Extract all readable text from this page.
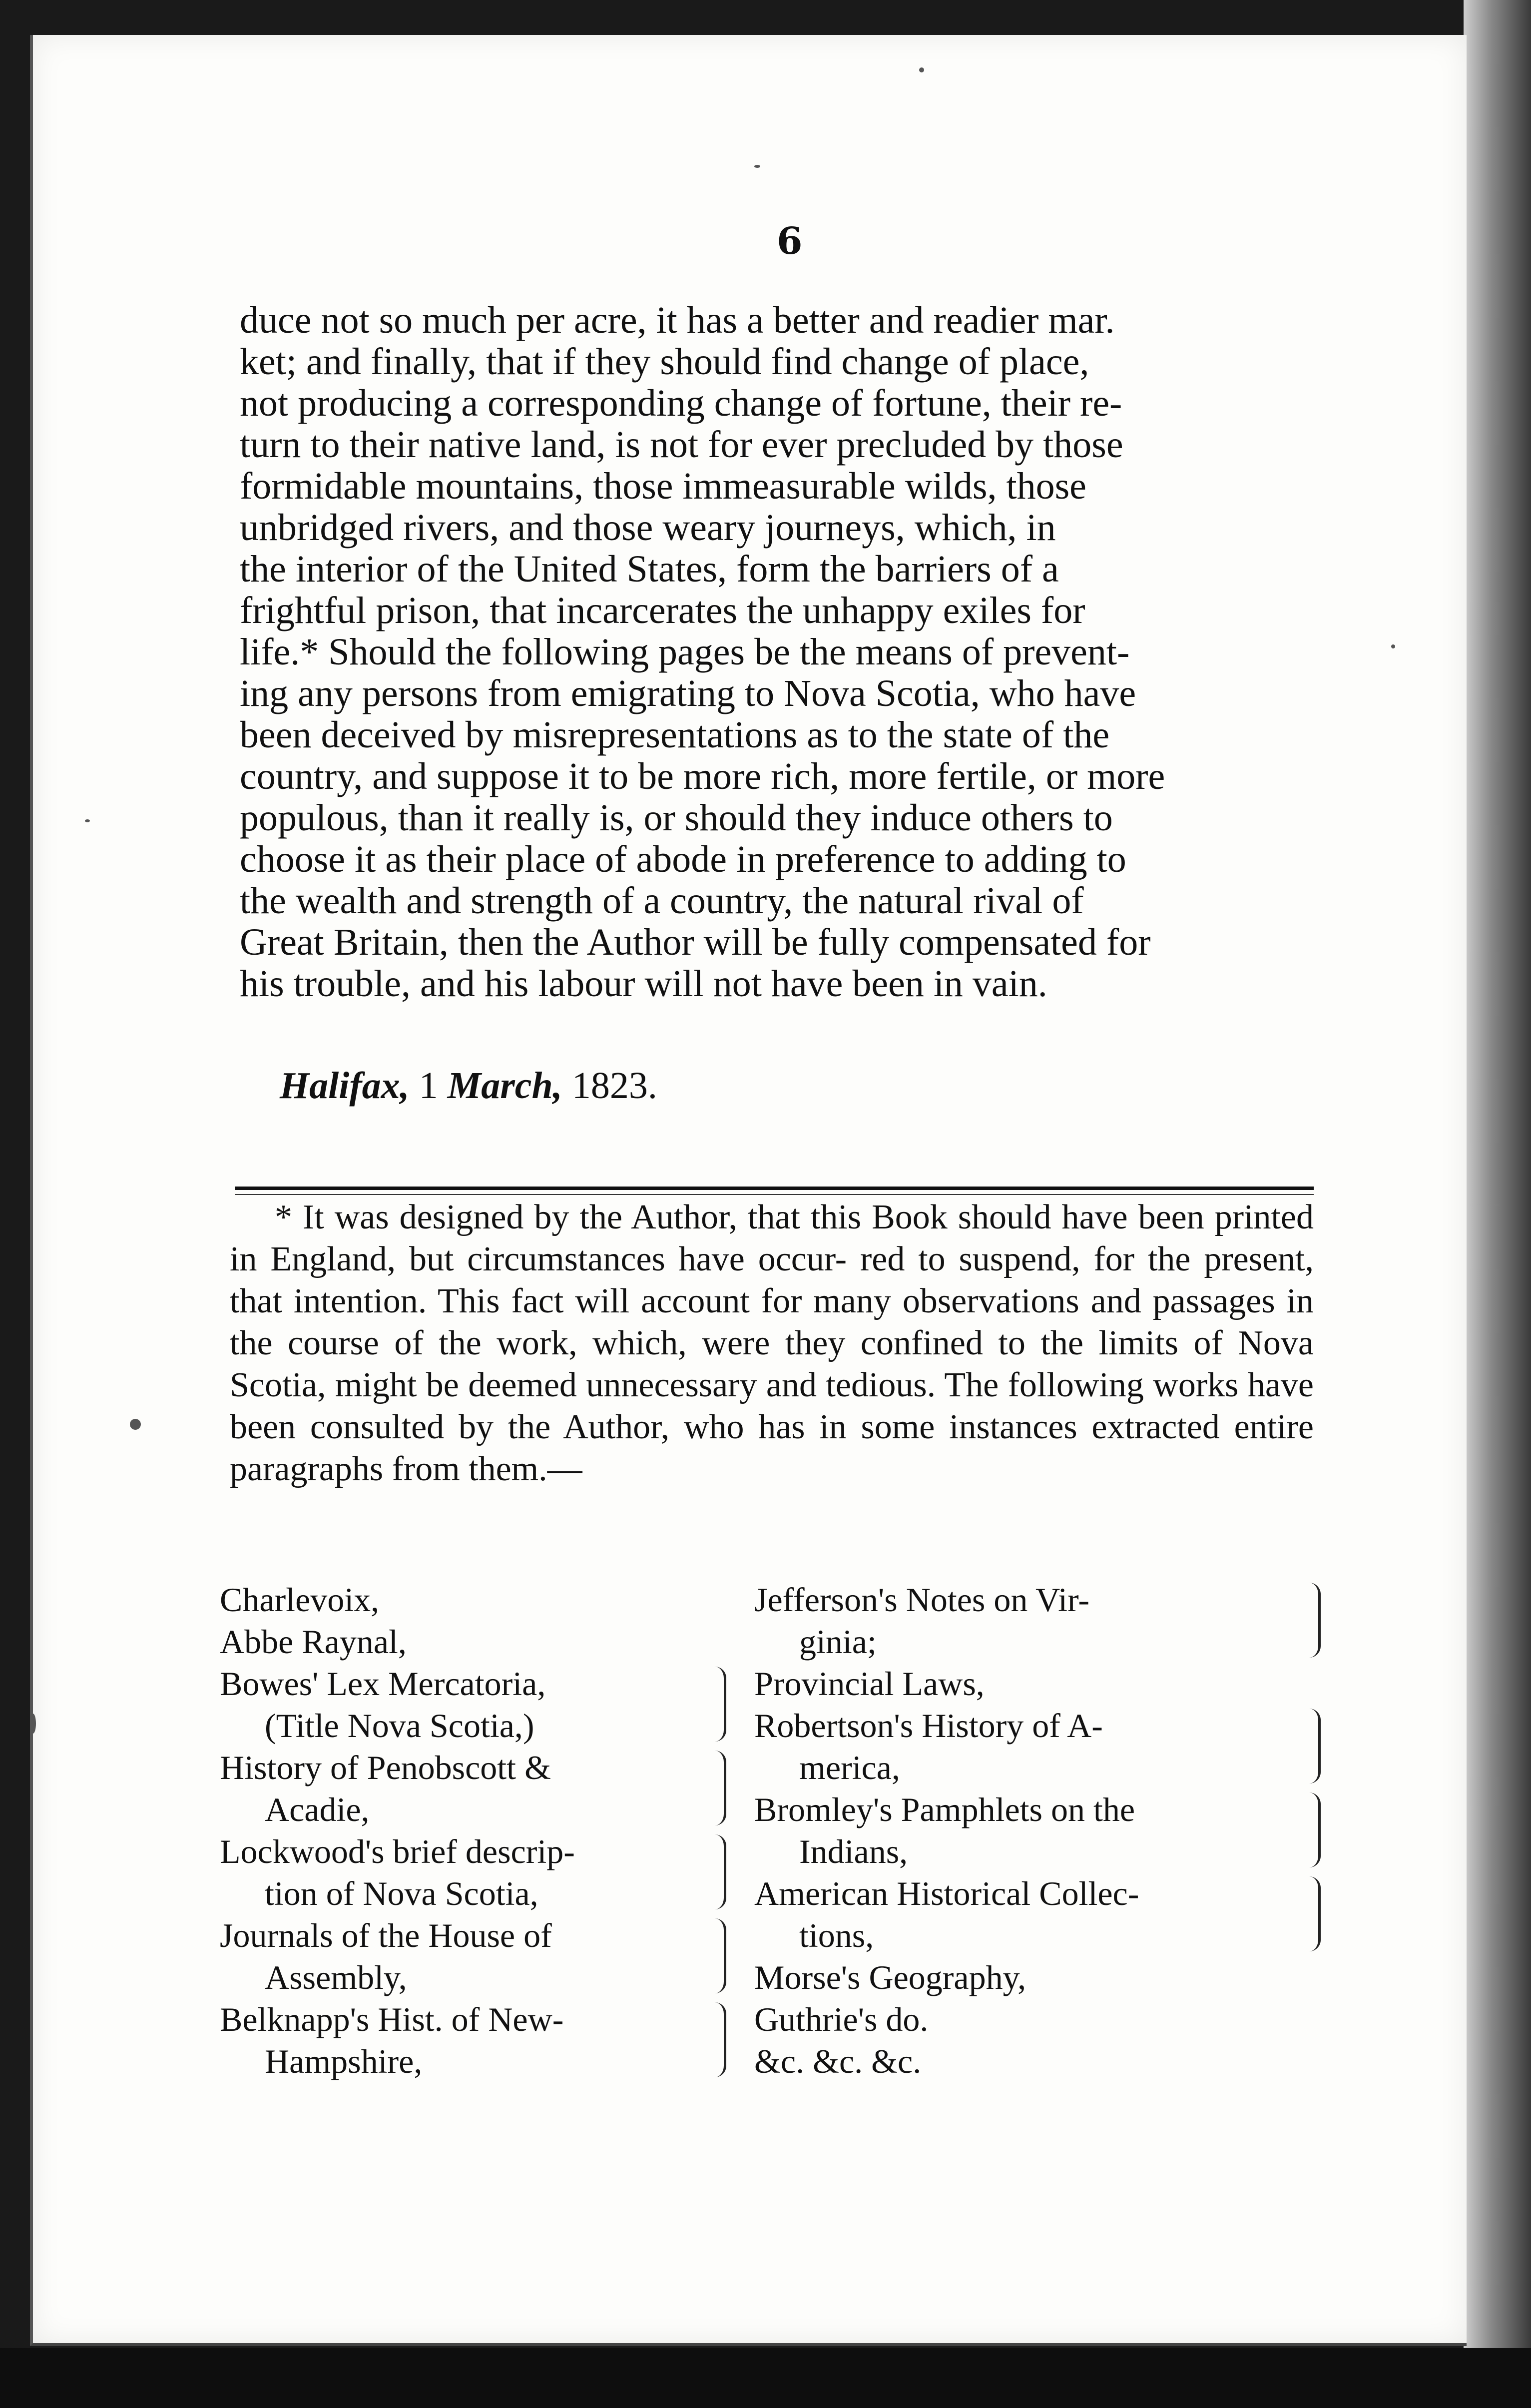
6
duce not so much per acre, it has a better and readier mar.
ket; and finally, that if they should find change of place,
not producing a corresponding change of fortune, their re-
turn to their native land, is not for ever precluded by those
formidable mountains, those immeasurable wilds, those
unbridged rivers, and those weary journeys, which, in
the interior of the United States, form the barriers of a
frightful prison, that incarcerates the unhappy exiles for
life.* Should the following pages be the means of prevent-
ing any persons from emigrating to Nova Scotia, who have
been deceived by misrepresentations as to the state of the
country, and suppose it to be more rich, more fertile, or more
populous, than it really is, or should they induce others to
choose it as their place of abode in preference to adding to
the wealth and strength of a country, the natural rival of
Great Britain, then the Author will be fully compensated for
his trouble, and his labour will not have been in vain.
Halifax, 1 March, 1823.
* It was designed by the Author, that this Book should have been printed in England, but circumstances have occur- red to suspend, for the present, that intention. This fact will account for many observations and passages in the course of the work, which, were they confined to the limits of Nova Scotia, might be deemed unnecessary and tedious. The following works have been consulted by the Author, who has in some instances extracted entire paragraphs from them.—
Charlevoix,
Abbe Raynal,
Bowes' Lex Mercatoria,
(Title Nova Scotia,)
History of Penobscott &
Acadie,
Lockwood's brief descrip-
tion of Nova Scotia,
Journals of the House of
Assembly,
Belknapp's Hist. of New-
Hampshire,
Jefferson's Notes on Vir-
ginia;
Provincial Laws,
Robertson's History of A-
merica,
Bromley's Pamphlets on the
Indians,
American Historical Collec-
tions,
Morse's Geography,
Guthrie's do.
&c. &c. &c.
